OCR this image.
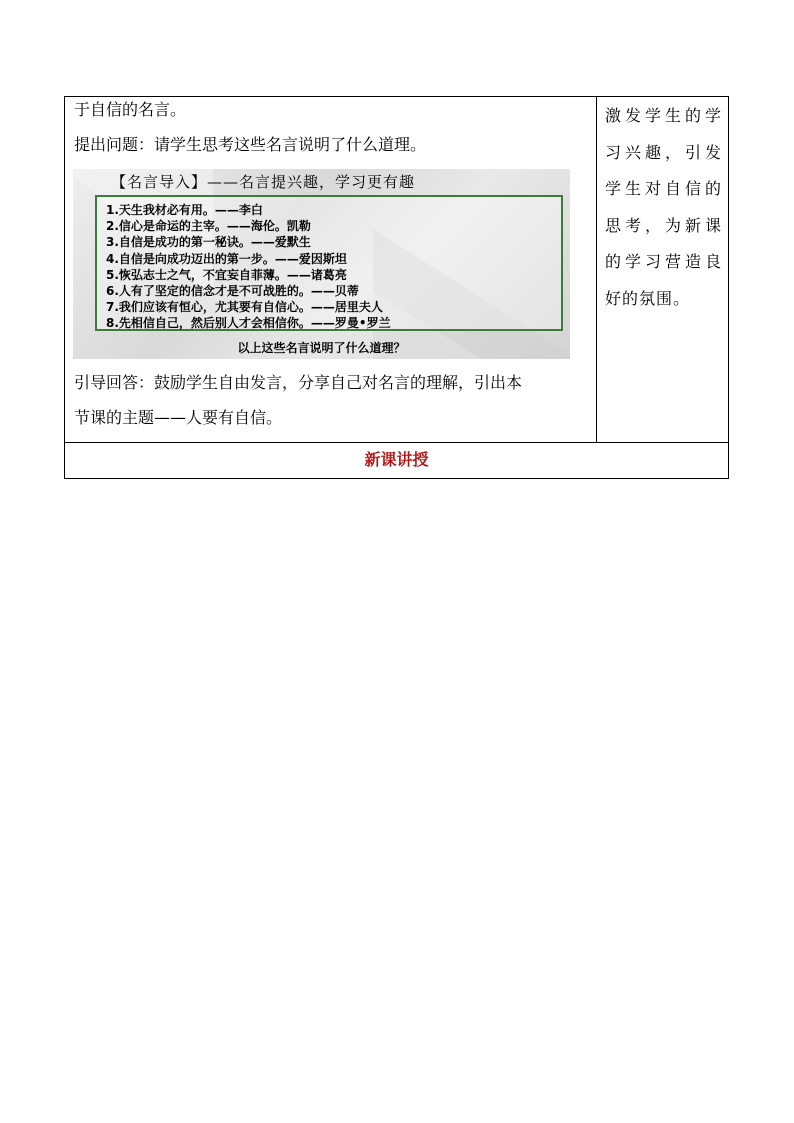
于自信的名言。
提出问题：请学生思考这些名言说明了什么道理。
【名言导入】——名言提兴趣，学习更有趣
1.天生我材必有用。——李白
2.信心是命运的主宰。——海伦。凯勒
3.自信是成功的第一秘诀。——爱默生
4.自信是向成功迈出的第一步。——爱因斯坦
5.恢弘志士之气，不宜妄自菲薄。——诸葛亮
6.人有了坚定的信念才是不可战胜的。——贝蒂
7.我们应该有恒心，尤其要有自信心。——居里夫人
8.先相信自己，然后别人才会相信你。——罗曼•罗兰
以上这些名言说明了什么道理？
引导回答：鼓励学生自由发言，分享自己对名言的理解，引出本
节课的主题——人要有自信。
激发学生的学习兴趣，引发学生对自信的思考，为新课的学习营造良好的氛围。
新课讲授
